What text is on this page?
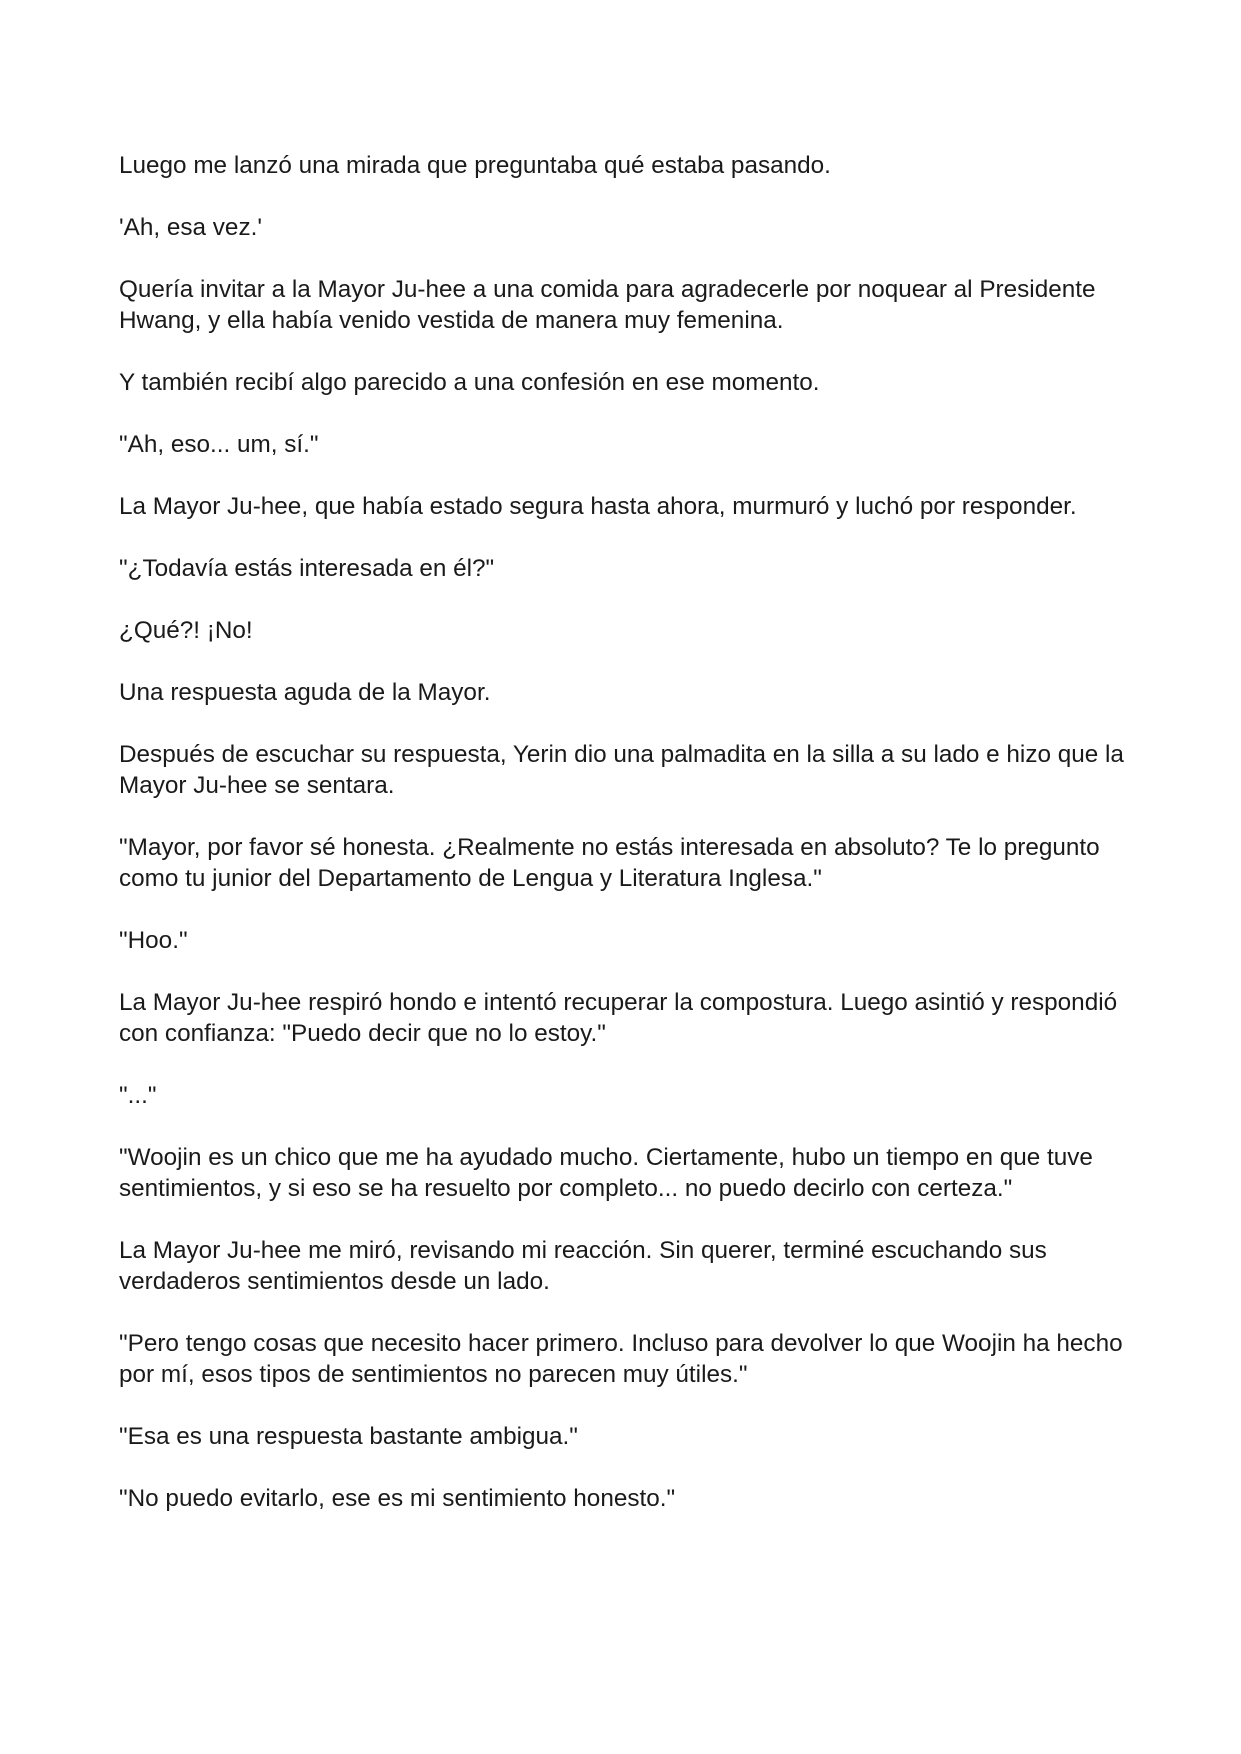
Luego me lanzó una mirada que preguntaba qué estaba pasando.

'Ah, esa vez.'

Quería invitar a la Mayor Ju-hee a una comida para agradecerle por noquear al Presidente Hwang, y ella había venido vestida de manera muy femenina.

Y también recibí algo parecido a una confesión en ese momento.

"Ah, eso... um, sí."

La Mayor Ju-hee, que había estado segura hasta ahora, murmuró y luchó por responder.

"¿Todavía estás interesada en él?"

¿Qué?! ¡No!

Una respuesta aguda de la Mayor.

Después de escuchar su respuesta, Yerin dio una palmadita en la silla a su lado e hizo que la Mayor Ju-hee se sentara.

"Mayor, por favor sé honesta. ¿Realmente no estás interesada en absoluto? Te lo pregunto como tu junior del Departamento de Lengua y Literatura Inglesa."

"Hoo."

La Mayor Ju-hee respiró hondo e intentó recuperar la compostura. Luego asintió y respondió con confianza: "Puedo decir que no lo estoy."

"..."

"Woojin es un chico que me ha ayudado mucho. Ciertamente, hubo un tiempo en que tuve sentimientos, y si eso se ha resuelto por completo... no puedo decirlo con certeza."

La Mayor Ju-hee me miró, revisando mi reacción. Sin querer, terminé escuchando sus verdaderos sentimientos desde un lado.

"Pero tengo cosas que necesito hacer primero. Incluso para devolver lo que Woojin ha hecho por mí, esos tipos de sentimientos no parecen muy útiles."

"Esa es una respuesta bastante ambigua."

"No puedo evitarlo, ese es mi sentimiento honesto."
